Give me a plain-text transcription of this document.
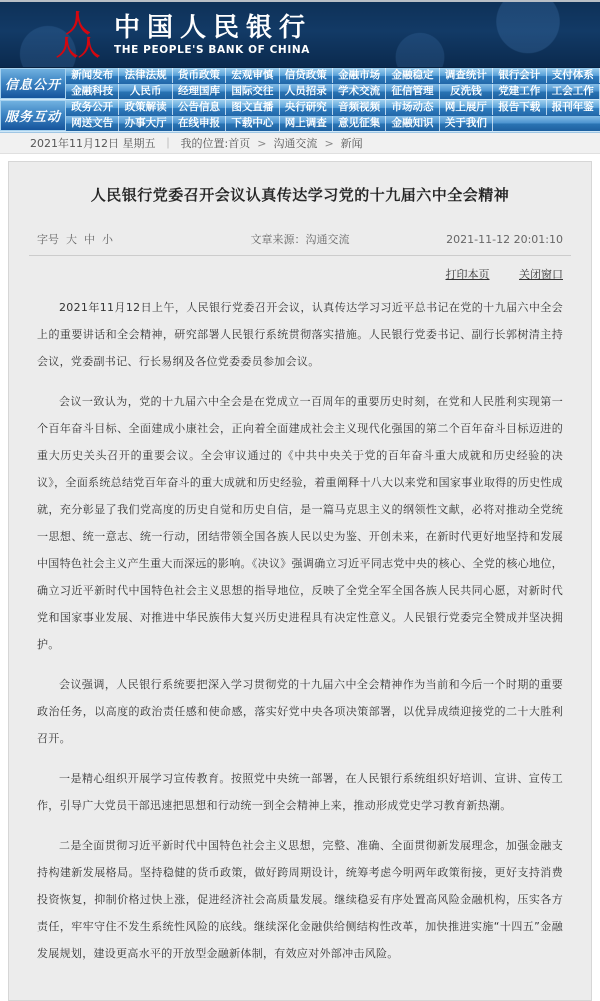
人
人 人
中国人民银行
THE PEOPLE'S BANK OF CHINA
信息公开
新闻发布	法律法规	货币政策	宏观审慎	信贷政策	金融市场	金融稳定	调查统计	银行会计	支付体系
金融科技	人民币	经理国库	国际交往	人员招录	学术交流	征信管理	反洗钱	党建工作	工会工作
服务互动
政务公开	政策解读	公告信息	图文直播	央行研究	音频视频	市场动态	网上展厅	报告下载	报刊年鉴
网送文告	办事大厅	在线申报	下载中心	网上调查	意见征集	金融知识	关于我们
2021年11月12日 星期五 ｜ 我的位置: 首页 > 沟通交流 > 新闻
人民银行党委召开会议认真传达学习党的十九届六中全会精神
字号 大 中 小	文章来源：沟通交流	2021-11-12 20:01:10
打印本页	关闭窗口

2021年11月12日上午，人民银行党委召开会议，认真传达学习习近平总书记在党的十九届六中全会上的重要讲话和全会精神，研究部署人民银行系统贯彻落实措施。人民银行党委书记、副行长郭树清主持会议，党委副书记、行长易纲及各位党委委员参加会议。

会议一致认为，党的十九届六中全会是在党成立一百周年的重要历史时刻，在党和人民胜利实现第一个百年奋斗目标、全面建成小康社会，正向着全面建成社会主义现代化强国的第二个百年奋斗目标迈进的重大历史关头召开的重要会议。全会审议通过的《中共中央关于党的百年奋斗重大成就和历史经验的决议》，全面系统总结党百年奋斗的重大成就和历史经验，着重阐释十八大以来党和国家事业取得的历史性成就，充分彰显了我们党高度的历史自觉和历史自信，是一篇马克思主义的纲领性文献，必将对推动全党统一思想、统一意志、统一行动，团结带领全国各族人民以史为鉴、开创未来，在新时代更好地坚持和发展中国特色社会主义产生重大而深远的影响。《决议》强调确立习近平同志党中央的核心、全党的核心地位，确立习近平新时代中国特色社会主义思想的指导地位，反映了全党全军全国各族人民共同心愿，对新时代党和国家事业发展、对推进中华民族伟大复兴历史进程具有决定性意义。人民银行党委完全赞成并坚决拥护。

会议强调，人民银行系统要把深入学习贯彻党的十九届六中全会精神作为当前和今后一个时期的重要政治任务，以高度的政治责任感和使命感，落实好党中央各项决策部署，以优异成绩迎接党的二十大胜利召开。

一是精心组织开展学习宣传教育。按照党中央统一部署，在人民银行系统组织好培训、宣讲、宣传工作，引导广大党员干部迅速把思想和行动统一到全会精神上来，推动形成党史学习教育新热潮。

二是全面贯彻习近平新时代中国特色社会主义思想，完整、准确、全面贯彻新发展理念，加强金融支持构建新发展格局。坚持稳健的货币政策，做好跨周期设计，统筹考虑今明两年政策衔接，更好支持消费投资恢复，抑制价格过快上涨，促进经济社会高质量发展。继续稳妥有序处置高风险金融机构，压实各方责任，牢牢守住不发生系统性风险的底线。继续深化金融供给侧结构性改革，加快推进实施“十四五”金融发展规划，建设更高水平的开放型金融新体制，有效应对外部冲击风险。
